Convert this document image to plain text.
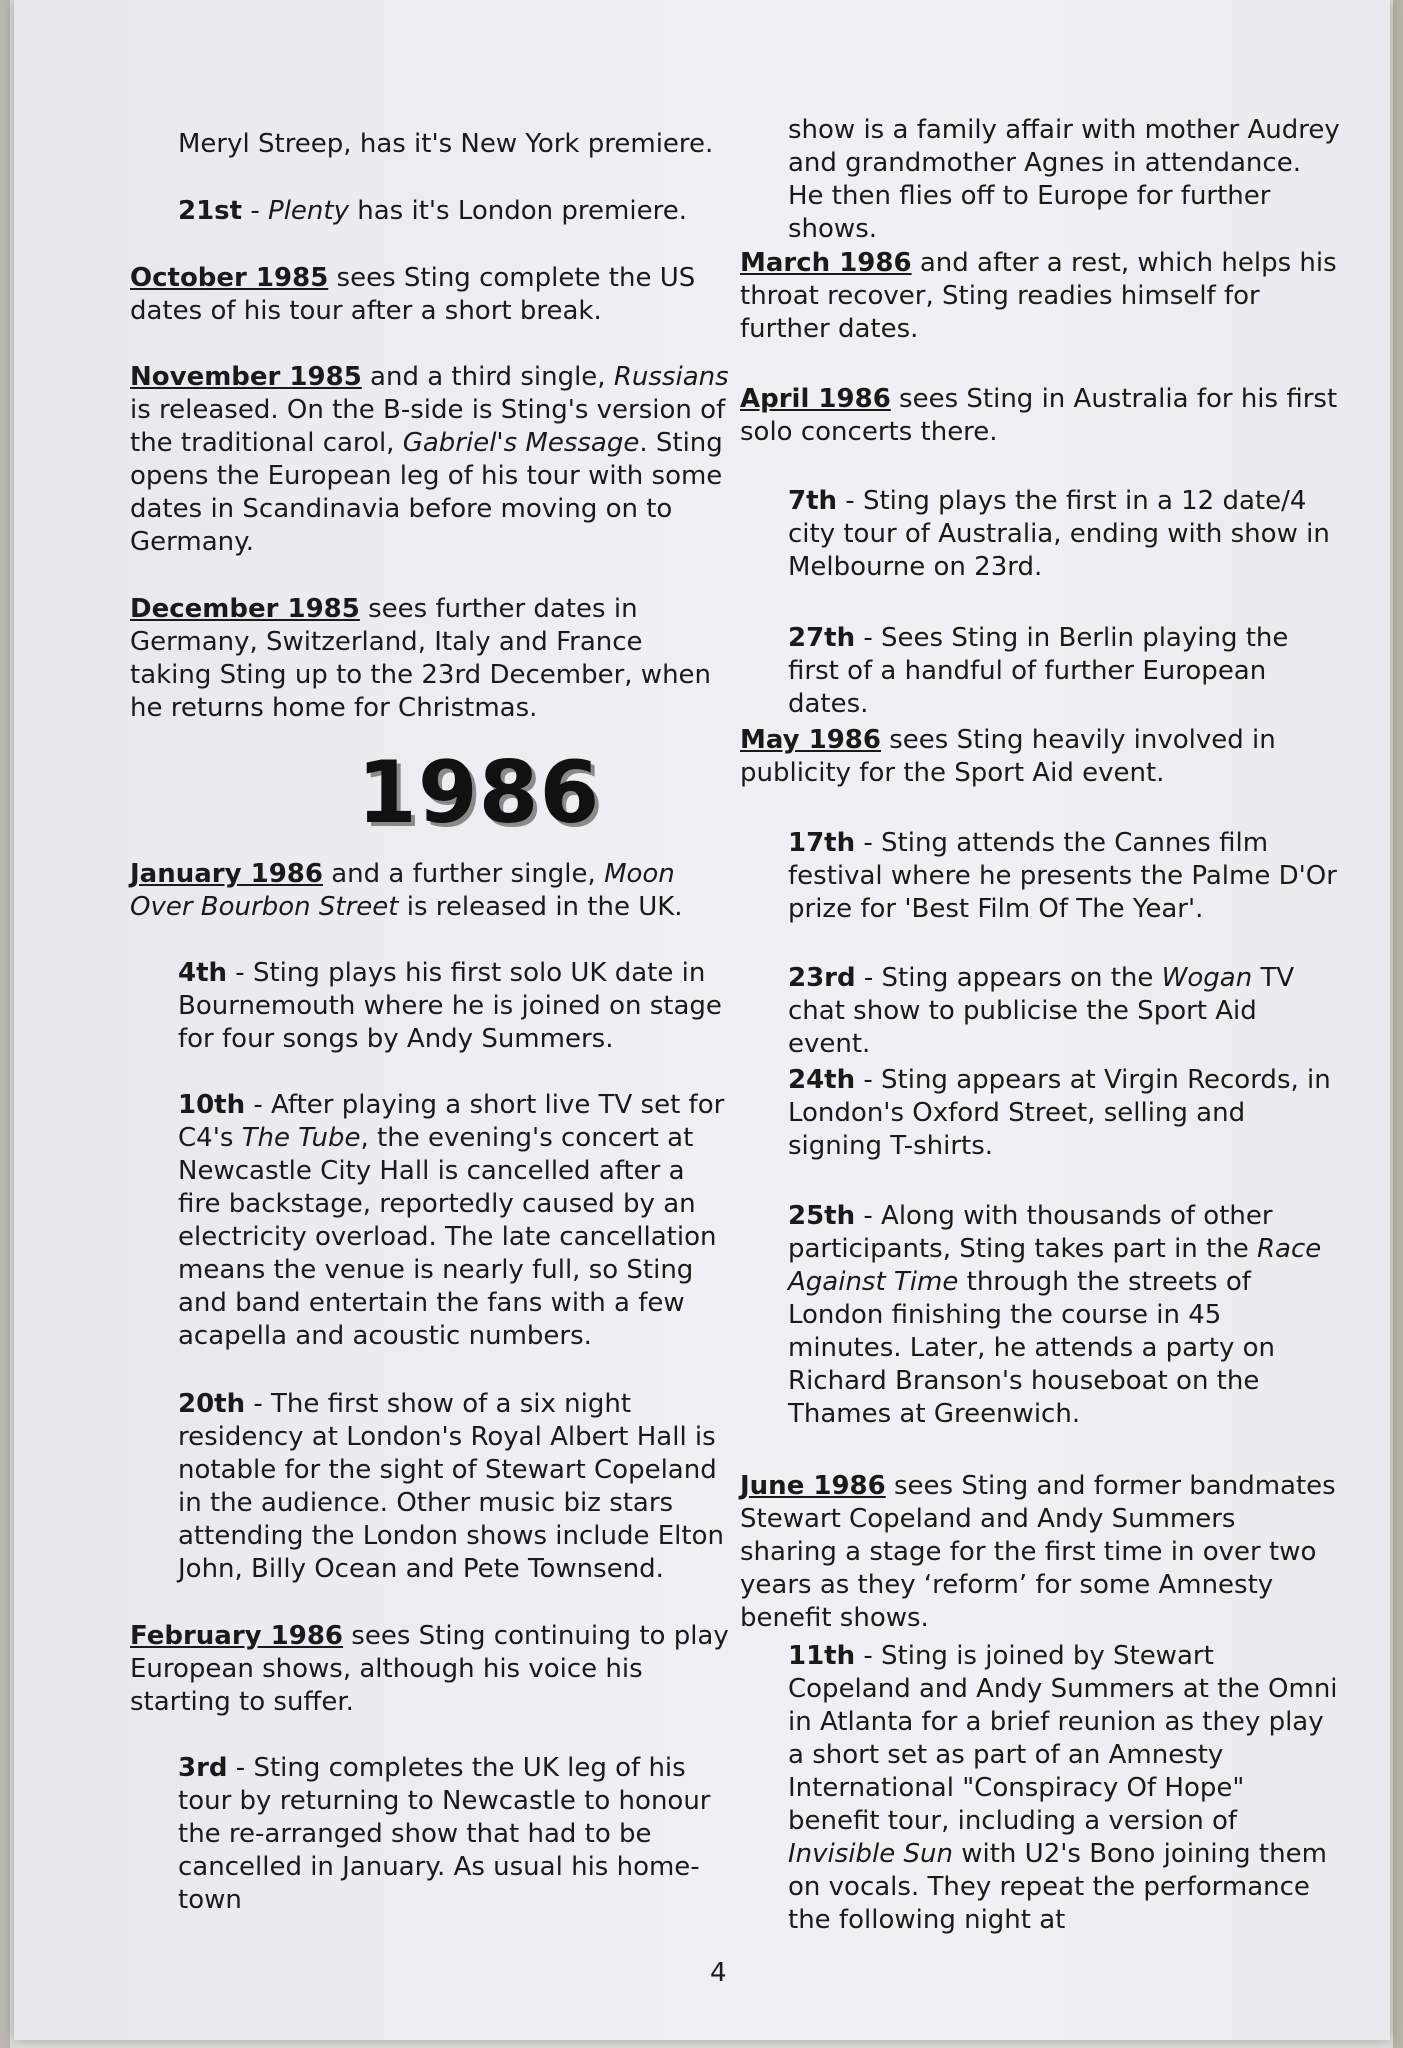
Meryl Streep, has it's New York premiere.
21st - Plenty has it's London premiere.
October 1985 sees Sting complete the US dates of his tour after a short break.
November 1985 and a third single, Russians is released. On the B-side is Sting's version of the traditional carol, Gabriel's Message. Sting opens the European leg of his tour with some dates in Scandinavia before moving on to Germany.
December 1985 sees further dates in Germany, Switzerland, Italy and France taking Sting up to the 23rd December, when he returns home for Christmas.
January 1986 and a further single, Moon Over Bourbon Street is released in the UK.
4th - Sting plays his first solo UK date in Bournemouth where he is joined on stage for four songs by Andy Summers.
10th - After playing a short live TV set for C4's The Tube, the evening's concert at Newcastle City Hall is cancelled after a fire backstage, reportedly caused by an electricity overload. The late cancellation means the venue is nearly full, so Sting and band entertain the fans with a few acapella and acoustic numbers.
20th - The first show of a six night residency at London's Royal Albert Hall is notable for the sight of Stewart Copeland in the audience. Other music biz stars attending the London shows include Elton John, Billy Ocean and Pete Townsend.
February 1986 sees Sting continuing to play European shows, although his voice his starting to suffer.
3rd - Sting completes the UK leg of his tour by returning to Newcastle to honour the re-arranged show that had to be cancelled in January. As usual his home-town
1986
show is a family affair with mother Audrey and grandmother Agnes in attendance. He then flies off to Europe for further shows.
March 1986 and after a rest, which helps his throat recover, Sting readies himself for further dates.
April 1986 sees Sting in Australia for his first solo concerts there.
7th - Sting plays the first in a 12 date/4 city tour of Australia, ending with show in Melbourne on 23rd.
27th - Sees Sting in Berlin playing the first of a handful of further European dates.
May 1986 sees Sting heavily involved in publicity for the Sport Aid event.
17th - Sting attends the Cannes film festival where he presents the Palme D'Or prize for 'Best Film Of The Year'.
23rd - Sting appears on the Wogan TV chat show to publicise the Sport Aid event.
24th - Sting appears at Virgin Records, in London's Oxford Street, selling and signing T-shirts.
25th - Along with thousands of other participants, Sting takes part in the Race Against Time through the streets of London finishing the course in 45 minutes. Later, he attends a party on Richard Branson's houseboat on the Thames at Greenwich.
June 1986 sees Sting and former bandmates Stewart Copeland and Andy Summers sharing a stage for the first time in over two years as they ‘reform’ for some Amnesty benefit shows.
11th - Sting is joined by Stewart Copeland and Andy Summers at the Omni in Atlanta for a brief reunion as they play a short set as part of an Amnesty International "Conspiracy Of Hope" benefit tour, including a version of Invisible Sun with U2's Bono joining them on vocals. They repeat the performance the following night at
4
